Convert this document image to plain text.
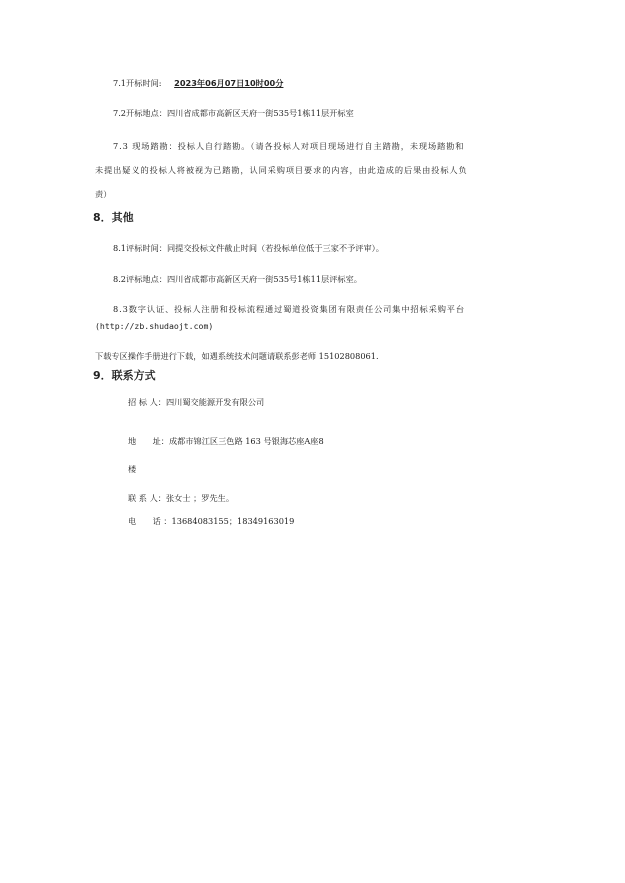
7.1开标时间: 2023年06月07日10时00分
7.2开标地点：四川省成都市高新区天府一街535号1栋11层开标室
7.3 现场踏勘：投标人自行踏勘。（请各投标人对项目现场进行自主踏勘，未现场踏勘和
未提出疑义的投标人将被视为已踏勘，认同采购项目要求的内容，由此造成的后果由投标人负
责）
8．其他
8.1评标时间：同提交投标文件截止时间（若投标单位低于三家不予评审）。
8.2评标地点：四川省成都市高新区天府一街535号1栋11层评标室。
8.3数字认证、投标人注册和投标流程通过蜀道投资集团有限责任公司集中招标采购平台
(http://zb.shudaojt.com)
下载专区操作手册进行下载，如遇系统技术问题请联系彭老师 15102808061.
9．联系方式
招 标 人：四川蜀交能源开发有限公司
地　　址：成都市锦江区三色路 163 号银海芯座A座8
楼
联 系 人：张女士 ；罗先生。
电　　话 ：13684083155；18349163019
